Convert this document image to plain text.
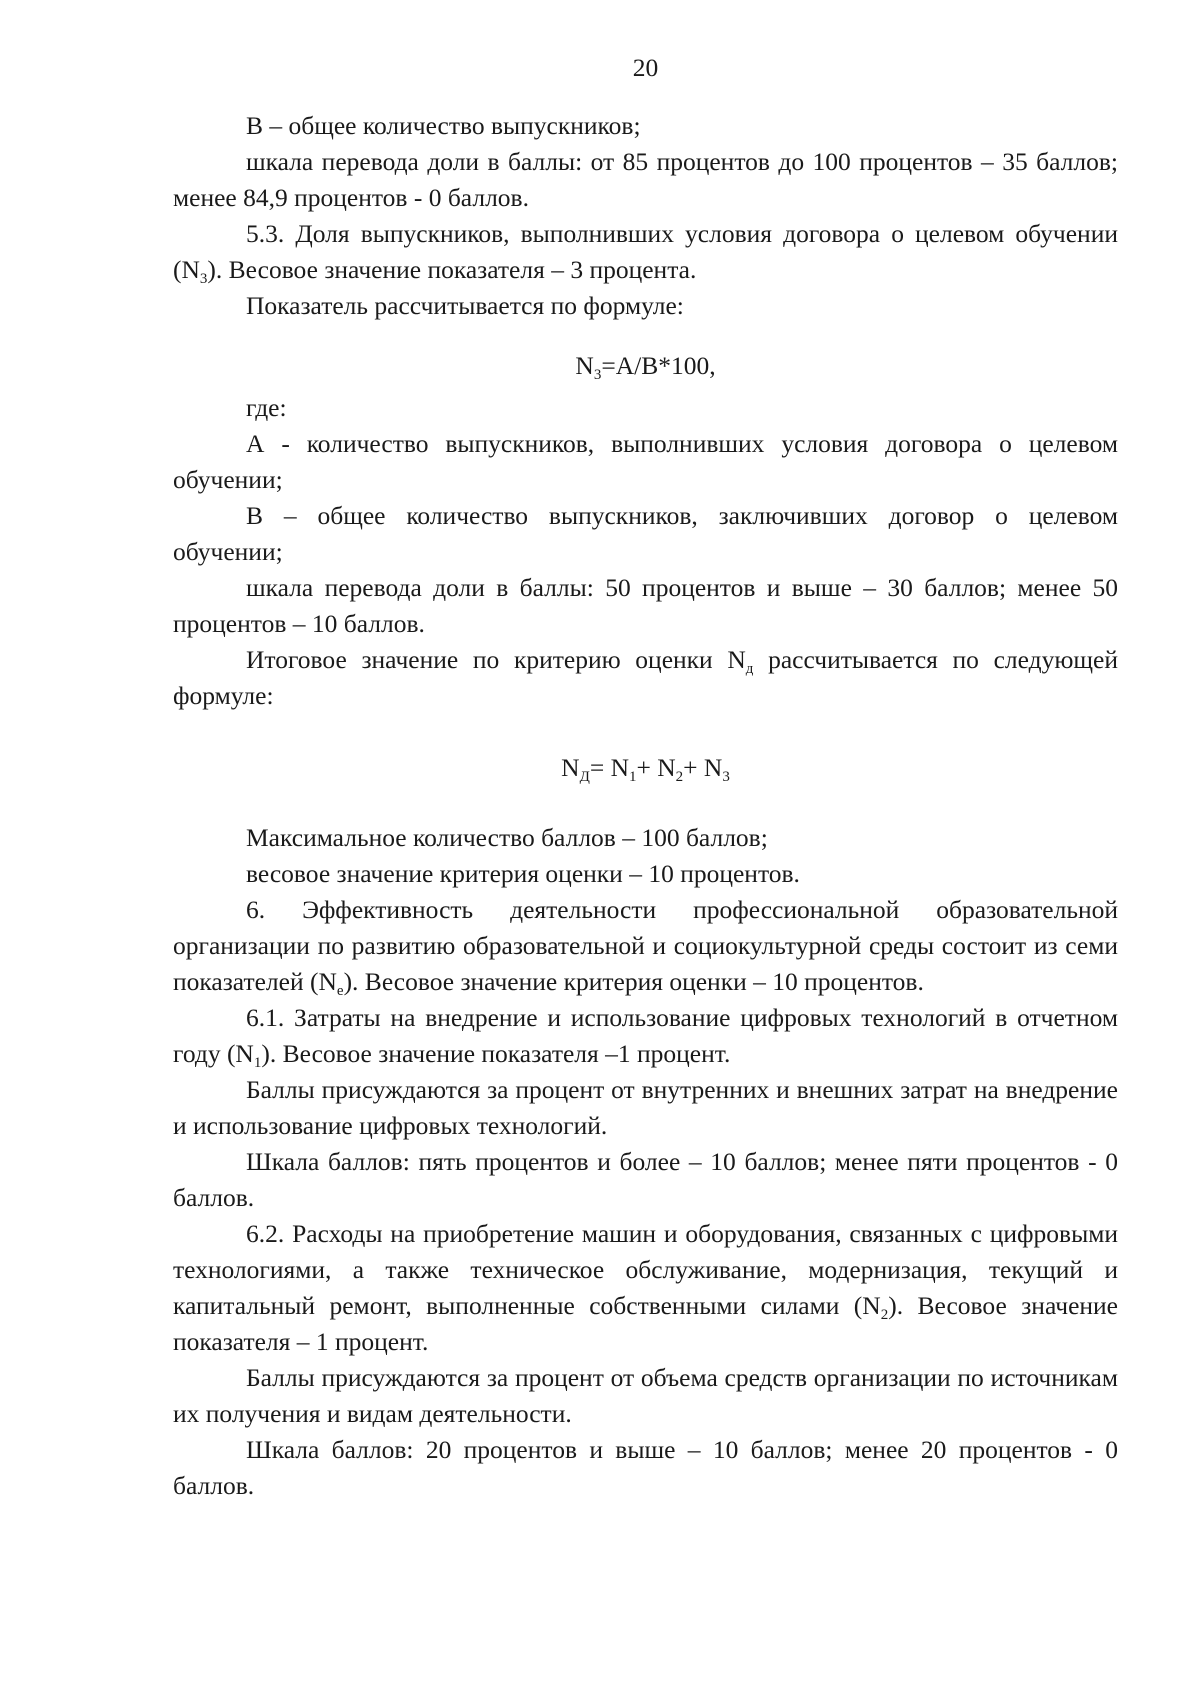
20

В – общее количество выпускников;

шкала перевода доли в баллы: от 85 процентов до 100 процентов – 35 баллов; менее 84,9 процентов - 0 баллов.

5.3. Доля выпускников, выполнивших условия договора о целевом обучении $(N_3)$. Весовое значение показателя – 3 процента.

Показатель рассчитывается по формуле:

$N_3=A/B*100$,

где:

А - количество выпускников, выполнивших условия договора о целевом обучении;

В – общее количество выпускников, заключивших договор о целевом обучении;

шкала перевода доли в баллы: 50 процентов и выше – 30 баллов; менее 50 процентов – 10 баллов.

Итоговое значение по критерию оценки $N_д$ рассчитывается по следующей формуле:

$N_Д= N_1+ N_2+ N_3$

Максимальное количество баллов – 100 баллов;

весовое значение критерия оценки – 10 процентов.

6. Эффективность деятельности профессиональной образовательной организации по развитию образовательной и социокультурной среды состоит из семи показателей $(N_е)$. Весовое значение критерия оценки – 10 процентов.

6.1. Затраты на внедрение и использование цифровых технологий в отчетном году $(N_1)$. Весовое значение показателя –1 процент.

Баллы присуждаются за процент от внутренних и внешних затрат на внедрение и использование цифровых технологий.

Шкала баллов: пять процентов и более – 10 баллов; менее пяти процентов - 0 баллов.

6.2. Расходы на приобретение машин и оборудования, связанных с цифровыми технологиями, а также техническое обслуживание, модернизация, текущий и капитальный ремонт, выполненные собственными силами $(N_2)$. Весовое значение показателя – 1 процент.

Баллы присуждаются за процент от объема средств организации по источникам их получения и видам деятельности.

Шкала баллов: 20 процентов и выше – 10 баллов; менее 20 процентов - 0 баллов.
